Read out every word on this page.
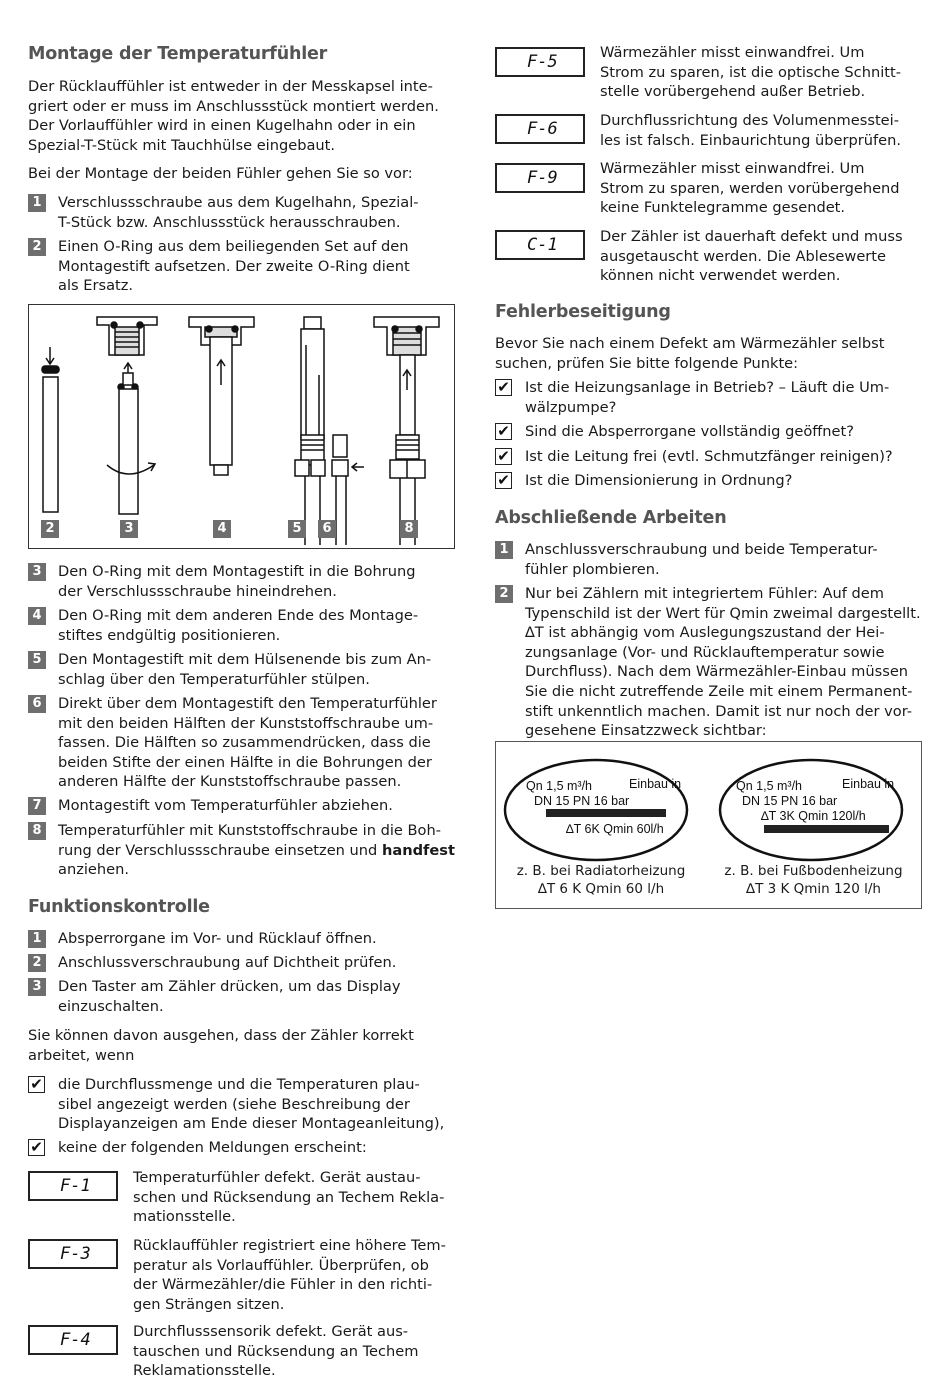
Montage der Temperaturfühler

Der Rücklauffühler ist entweder in der Messkapsel inte-

griert oder er muss im Anschlussstück montiert werden.

Der Vorlauffühler wird in einen Kugelhahn oder in ein

Spezial-T-Stück mit Tauchhülse eingebaut.

Bei der Montage der beiden Fühler gehen Sie so vor:

1	Verschlussschraube aus dem Kugelhahn, Spezial-
T-Stück bzw. Anschlussstück herausschrauben.
2	Einen O-Ring aus dem beiliegenden Set auf den
Montagestift aufsetzen. Der zweite O-Ring dient
als Ersatz.
2	3	4	5	6	8
3	Den O-Ring mit dem Montagestift in die Bohrung
der Verschlussschraube hineindrehen.
4	Den O-Ring mit dem anderen Ende des Montage-
stiftes endgültig positionieren.
5	Den Montagestift mit dem Hülsenende bis zum An-
schlag über den Temperaturfühler stülpen.
6	Direkt über dem Montagestift den Temperaturfühler
mit den beiden Hälften der Kunststoffschraube um-
fassen. Die Hälften so zusammendrücken, dass die
beiden Stifte der einen Hälfte in die Bohrungen der
anderen Hälfte der Kunststoffschraube passen.
7	Montagestift vom Temperaturfühler abziehen.
8	Temperaturfühler mit Kunststoffschraube in die Boh-
rung der Verschlussschraube einsetzen und handfest
anziehen.
Funktionskontrolle
1	Absperrorgane im Vor- und Rücklauf öffnen.
2	Anschlussverschraubung auf Dichtheit prüfen.
3	Den Taster am Zähler drücken, um das Display
einzuschalten.

Sie können davon ausgehen, dass der Zähler korrekt

arbeitet, wenn

✔ die Durchflussmenge und die Temperaturen plau-
sibel angezeigt werden (siehe Beschreibung der
Displayanzeigen am Ende dieser Montageanleitung),
✔ keine der folgenden Meldungen erscheint:
F-1	Temperaturfühler defekt. Gerät austau-
schen und Rücksendung an Techem Rekla-
mationsstelle.
F-3	Rücklauffühler registriert eine höhere Tem-
peratur als Vorlauffühler. Überprüfen, ob
der Wärmezähler/die Fühler in den richti-
gen Strängen sitzen.
F-4	Durchflusssensorik defekt. Gerät aus-
tauschen und Rücksendung an Techem
Reklamationsstelle.
F-5	Wärmezähler misst einwandfrei. Um
Strom zu sparen, ist die optische Schnitt-
stelle vorübergehend außer Betrieb.
F-6	Durchflussrichtung des Volumenmesstei-
les ist falsch. Einbaurichtung überprüfen.
F-9	Wärmezähler misst einwandfrei. Um
Strom zu sparen, werden vorübergehend
keine Funktelegramme gesendet.
C-1	Der Zähler ist dauerhaft defekt und muss
ausgetauscht werden. Die Ablesewerte
können nicht verwendet werden.
Fehlerbeseitigung

Bevor Sie nach einem Defekt am Wärmezähler selbst

suchen, prüfen Sie bitte folgende Punkte:

✔ Ist die Heizungsanlage in Betrieb? – Läuft die Um-
wälzpumpe?
✔ Sind die Absperrorgane vollständig geöffnet?
✔ Ist die Leitung frei (evtl. Schmutzfänger reinigen)?
✔ Ist die Dimensionierung in Ordnung?
Abschließende Arbeiten
1	Anschlussverschraubung und beide Temperatur-
fühler plombieren.
2	Nur bei Zählern mit integriertem Fühler: Auf dem
Typenschild ist der Wert für Qmin zweimal dargestellt.
∆T ist abhängig vom Auslegungszustand der Hei-
zungsanlage (Vor- und Rücklauftemperatur sowie
Durchfluss). Nach dem Wärmezähler-Einbau müssen
Sie die nicht zutreffende Zeile mit einem Permanent-
stift unkenntlich machen. Damit ist nur noch der vor-
gesehene Einsatzzweck sichtbar:
Qn 1,5 m³/h	Einbau in
DN 15 PN 16 bar
∆T 6K Qmin 60l/h
Qn 1,5 m³/h	Einbau in
DN 15 PN 16 bar
∆T 3K Qmin 120l/h
z. B. bei Radiatorheizung
∆T 6 K Qmin 60 l/h
z. B. bei Fußbodenheizung
∆T 3 K Qmin 120 l/h
